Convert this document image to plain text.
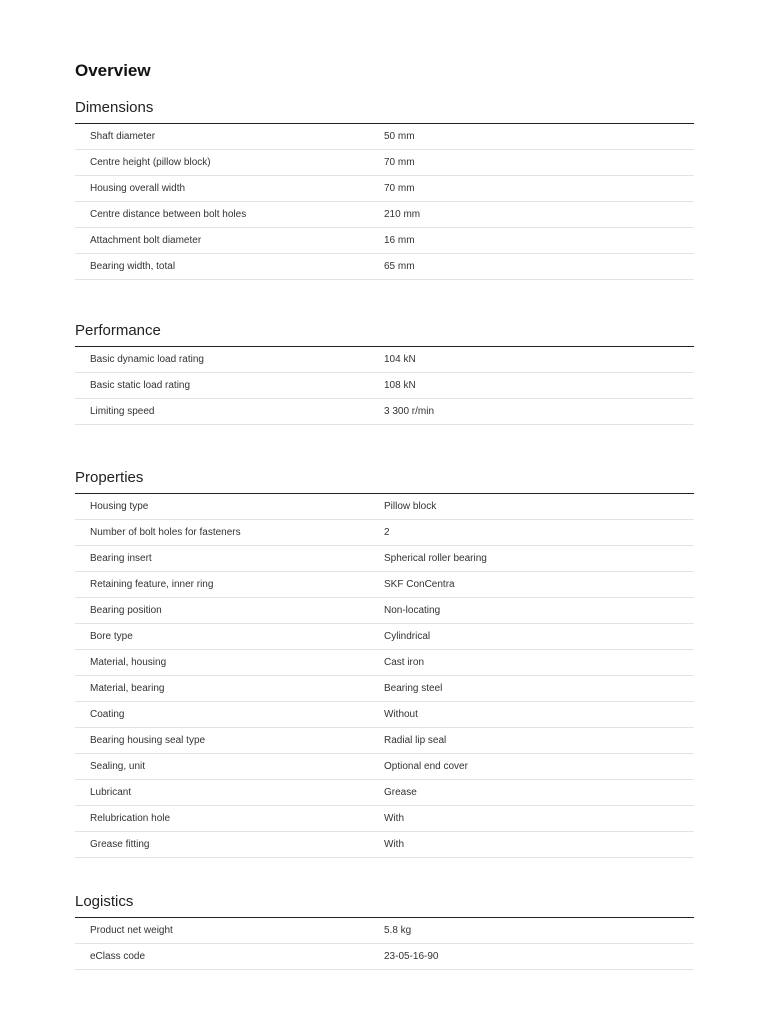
Overview
Dimensions
Shaft diameter	50 mm
Centre height (pillow block)	70 mm
Housing overall width	70 mm
Centre distance between bolt holes	210 mm
Attachment bolt diameter	16 mm
Bearing width, total	65 mm
Performance
Basic dynamic load rating	104 kN
Basic static load rating	108 kN
Limiting speed	3 300 r/min
Properties
Housing type	Pillow block
Number of bolt holes for fasteners	2
Bearing insert	Spherical roller bearing
Retaining feature, inner ring	SKF ConCentra
Bearing position	Non-locating
Bore type	Cylindrical
Material, housing	Cast iron
Material, bearing	Bearing steel
Coating	Without
Bearing housing seal type	Radial lip seal
Sealing, unit	Optional end cover
Lubricant	Grease
Relubrication hole	With
Grease fitting	With
Logistics
Product net weight	5.8 kg
eClass code	23-05-16-90
